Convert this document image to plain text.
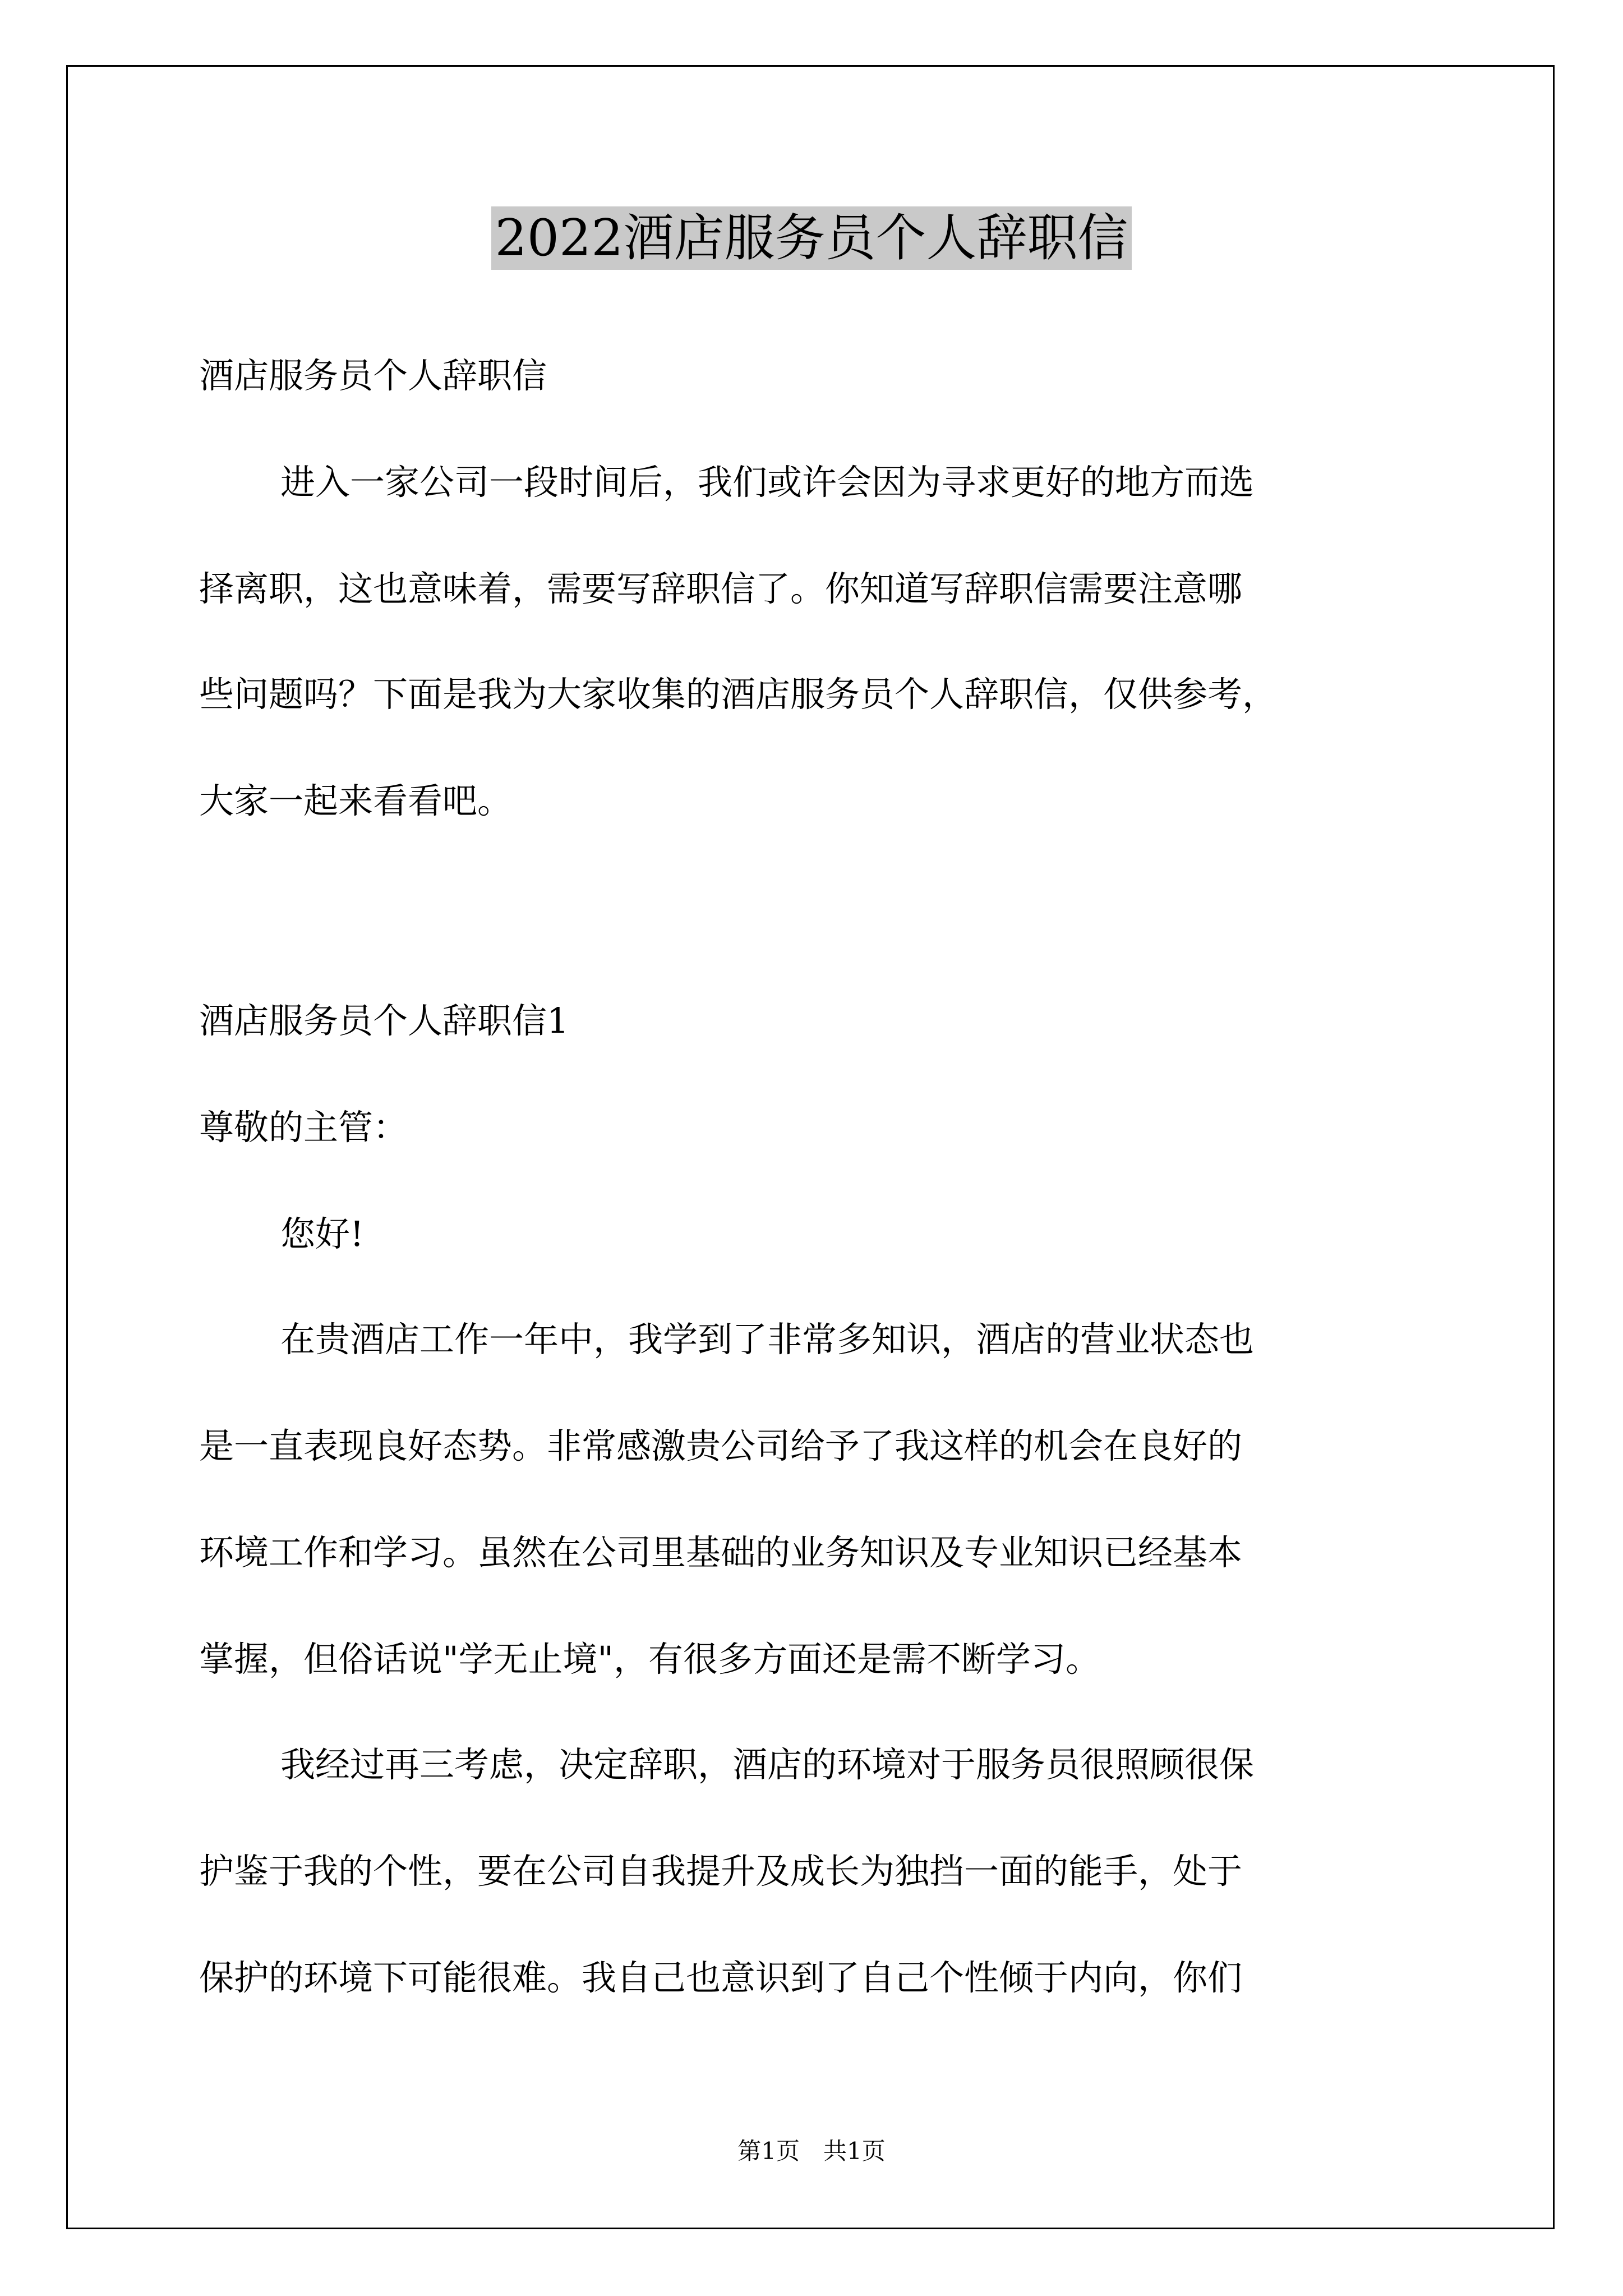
2022酒店服务员个人辞职信

酒店服务员个人辞职信

进入一家公司一段时间后，我们或许会因为寻求更好的地方而选

择离职，这也意味着，需要写辞职信了。你知道写辞职信需要注意哪

些问题吗？下面是我为大家收集的酒店服务员个人辞职信，仅供参考，

大家一起来看看吧。

酒店服务员个人辞职信1

尊敬的主管：

您好!

在贵酒店工作一年中，我学到了非常多知识，酒店的营业状态也

是一直表现良好态势。非常感激贵公司给予了我这样的机会在良好的

环境工作和学习。虽然在公司里基础的业务知识及专业知识已经基本

掌握，但俗话说"学无止境"，有很多方面还是需不断学习。

我经过再三考虑，决定辞职，酒店的环境对于服务员很照顾很保

护鉴于我的个性，要在公司自我提升及成长为独挡一面的能手，处于

保护的环境下可能很难。我自己也意识到了自己个性倾于内向，你们

第1页 共1页
